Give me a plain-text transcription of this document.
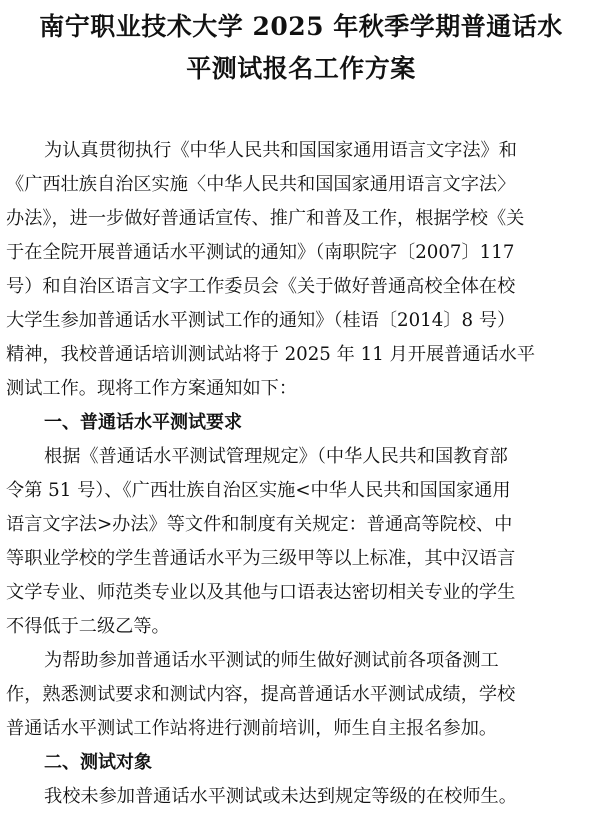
南宁职业技术大学 2025 年秋季学期普通话水
平测试报名工作方案
为认真贯彻执行《中华人民共和国国家通用语言文字法》和
《广西壮族自治区实施〈中华人民共和国国家通用语言文字法〉
办法》，进一步做好普通话宣传、推广和普及工作，根据学校《关
于在全院开展普通话水平测试的通知》（南职院字〔2007〕117
号）和自治区语言文字工作委员会《关于做好普通高校全体在校
大学生参加普通话水平测试工作的通知》（桂语〔2014〕8 号）
精神，我校普通话培训测试站将于 2025 年 11 月开展普通话水平
测试工作。现将工作方案通知如下：
一、普通话水平测试要求
根据《普通话水平测试管理规定》（中华人民共和国教育部
令第 51 号）、《广西壮族自治区实施<中华人民共和国国家通用
语言文字法>办法》等文件和制度有关规定：普通高等院校、中
等职业学校的学生普通话水平为三级甲等以上标准，其中汉语言
文学专业、师范类专业以及其他与口语表达密切相关专业的学生
不得低于二级乙等。
为帮助参加普通话水平测试的师生做好测试前各项备测工
作，熟悉测试要求和测试内容，提高普通话水平测试成绩，学校
普通话水平测试工作站将进行测前培训，师生自主报名参加。
二、测试对象
我校未参加普通话水平测试或未达到规定等级的在校师生。
